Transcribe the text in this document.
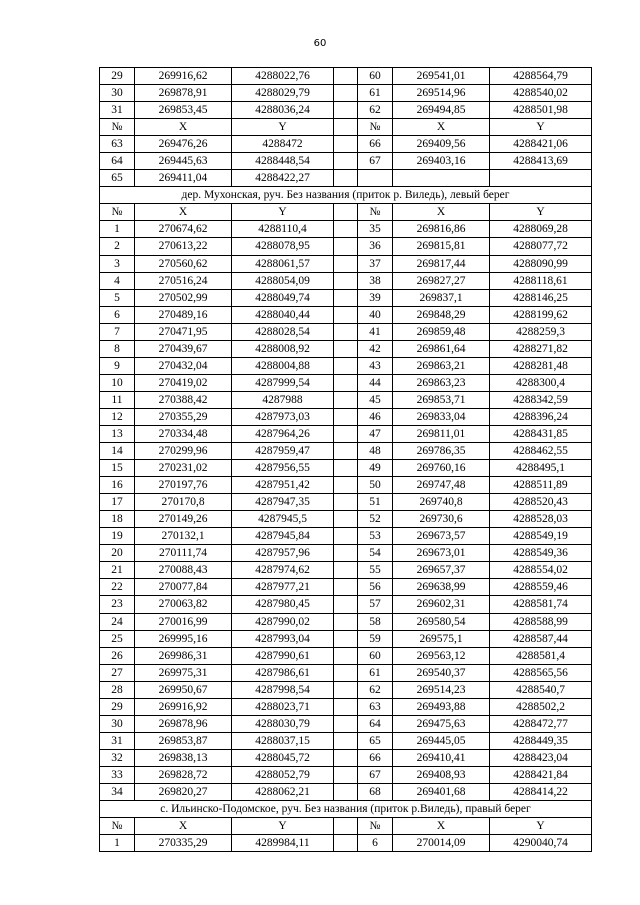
60
29	269916,62	4288022,76		60	269541,01	4288564,79
30	269878,91	4288029,79		61	269514,96	4288540,02
31	269853,45	4288036,24		62	269494,85	4288501,98
№	X	Y		№	X	Y
63	269476,26	4288472		66	269409,56	4288421,06
64	269445,63	4288448,54		67	269403,16	4288413,69
65	269411,04	4288422,27				
дер. Мухонская, руч. Без названия (приток р. Виледь), левый берег						
№	X	Y		№	X	Y
1	270674,62	4288110,4		35	269816,86	4288069,28
2	270613,22	4288078,95		36	269815,81	4288077,72
3	270560,62	4288061,57		37	269817,44	4288090,99
4	270516,24	4288054,09		38	269827,27	4288118,61
5	270502,99	4288049,74		39	269837,1	4288146,25
6	270489,16	4288040,44		40	269848,29	4288199,62
7	270471,95	4288028,54		41	269859,48	4288259,3
8	270439,67	4288008,92		42	269861,64	4288271,82
9	270432,04	4288004,88		43	269863,21	4288281,48
10	270419,02	4287999,54		44	269863,23	4288300,4
11	270388,42	4287988		45	269853,71	4288342,59
12	270355,29	4287973,03		46	269833,04	4288396,24
13	270334,48	4287964,26		47	269811,01	4288431,85
14	270299,96	4287959,47		48	269786,35	4288462,55
15	270231,02	4287956,55		49	269760,16	4288495,1
16	270197,76	4287951,42		50	269747,48	4288511,89
17	270170,8	4287947,35		51	269740,8	4288520,43
18	270149,26	4287945,5		52	269730,6	4288528,03
19	270132,1	4287945,84		53	269673,57	4288549,19
20	270111,74	4287957,96		54	269673,01	4288549,36
21	270088,43	4287974,62		55	269657,37	4288554,02
22	270077,84	4287977,21		56	269638,99	4288559,46
23	270063,82	4287980,45		57	269602,31	4288581,74
24	270016,99	4287990,02		58	269580,54	4288588,99
25	269995,16	4287993,04		59	269575,1	4288587,44
26	269986,31	4287990,61		60	269563,12	4288581,4
27	269975,31	4287986,61		61	269540,37	4288565,56
28	269950,67	4287998,54		62	269514,23	4288540,7
29	269916,92	4288023,71		63	269493,88	4288502,2
30	269878,96	4288030,79		64	269475,63	4288472,77
31	269853,87	4288037,15		65	269445,05	4288449,35
32	269838,13	4288045,72		66	269410,41	4288423,04
33	269828,72	4288052,79		67	269408,93	4288421,84
34	269820,27	4288062,21		68	269401,68	4288414,22
с. Ильинско-Подомское, руч. Без названия (приток р.Виледь), правый берег						
№	X	Y		№	X	Y
1	270335,29	4289984,11		6	270014,09	4290040,74
